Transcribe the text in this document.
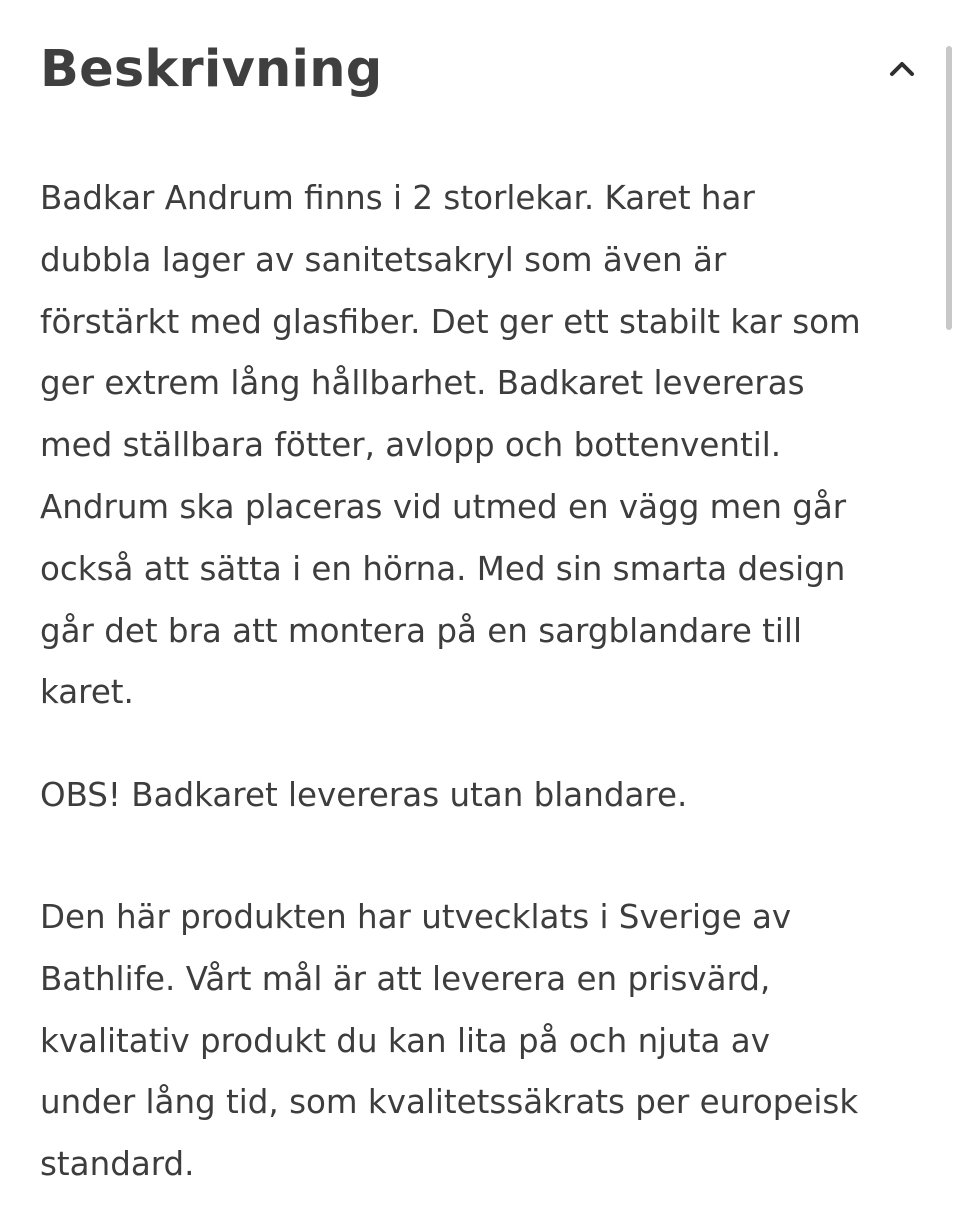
Beskrivning

Badkar Andrum finns i 2 storlekar. Karet har
dubbla lager av sanitetsakryl som även är
förstärkt med glasfiber. Det ger ett stabilt kar som
ger extrem lång hållbarhet. Badkaret levereras
med ställbara fötter, avlopp och bottenventil.
Andrum ska placeras vid utmed en vägg men går
också att sätta i en hörna. Med sin smarta design
går det bra att montera på en sargblandare till
karet.

OBS! Badkaret levereras utan blandare.

Den här produkten har utvecklats i Sverige av
Bathlife. Vårt mål är att leverera en prisvärd,
kvalitativ produkt du kan lita på och njuta av
under lång tid, som kvalitetssäkrats per europeisk
standard.
